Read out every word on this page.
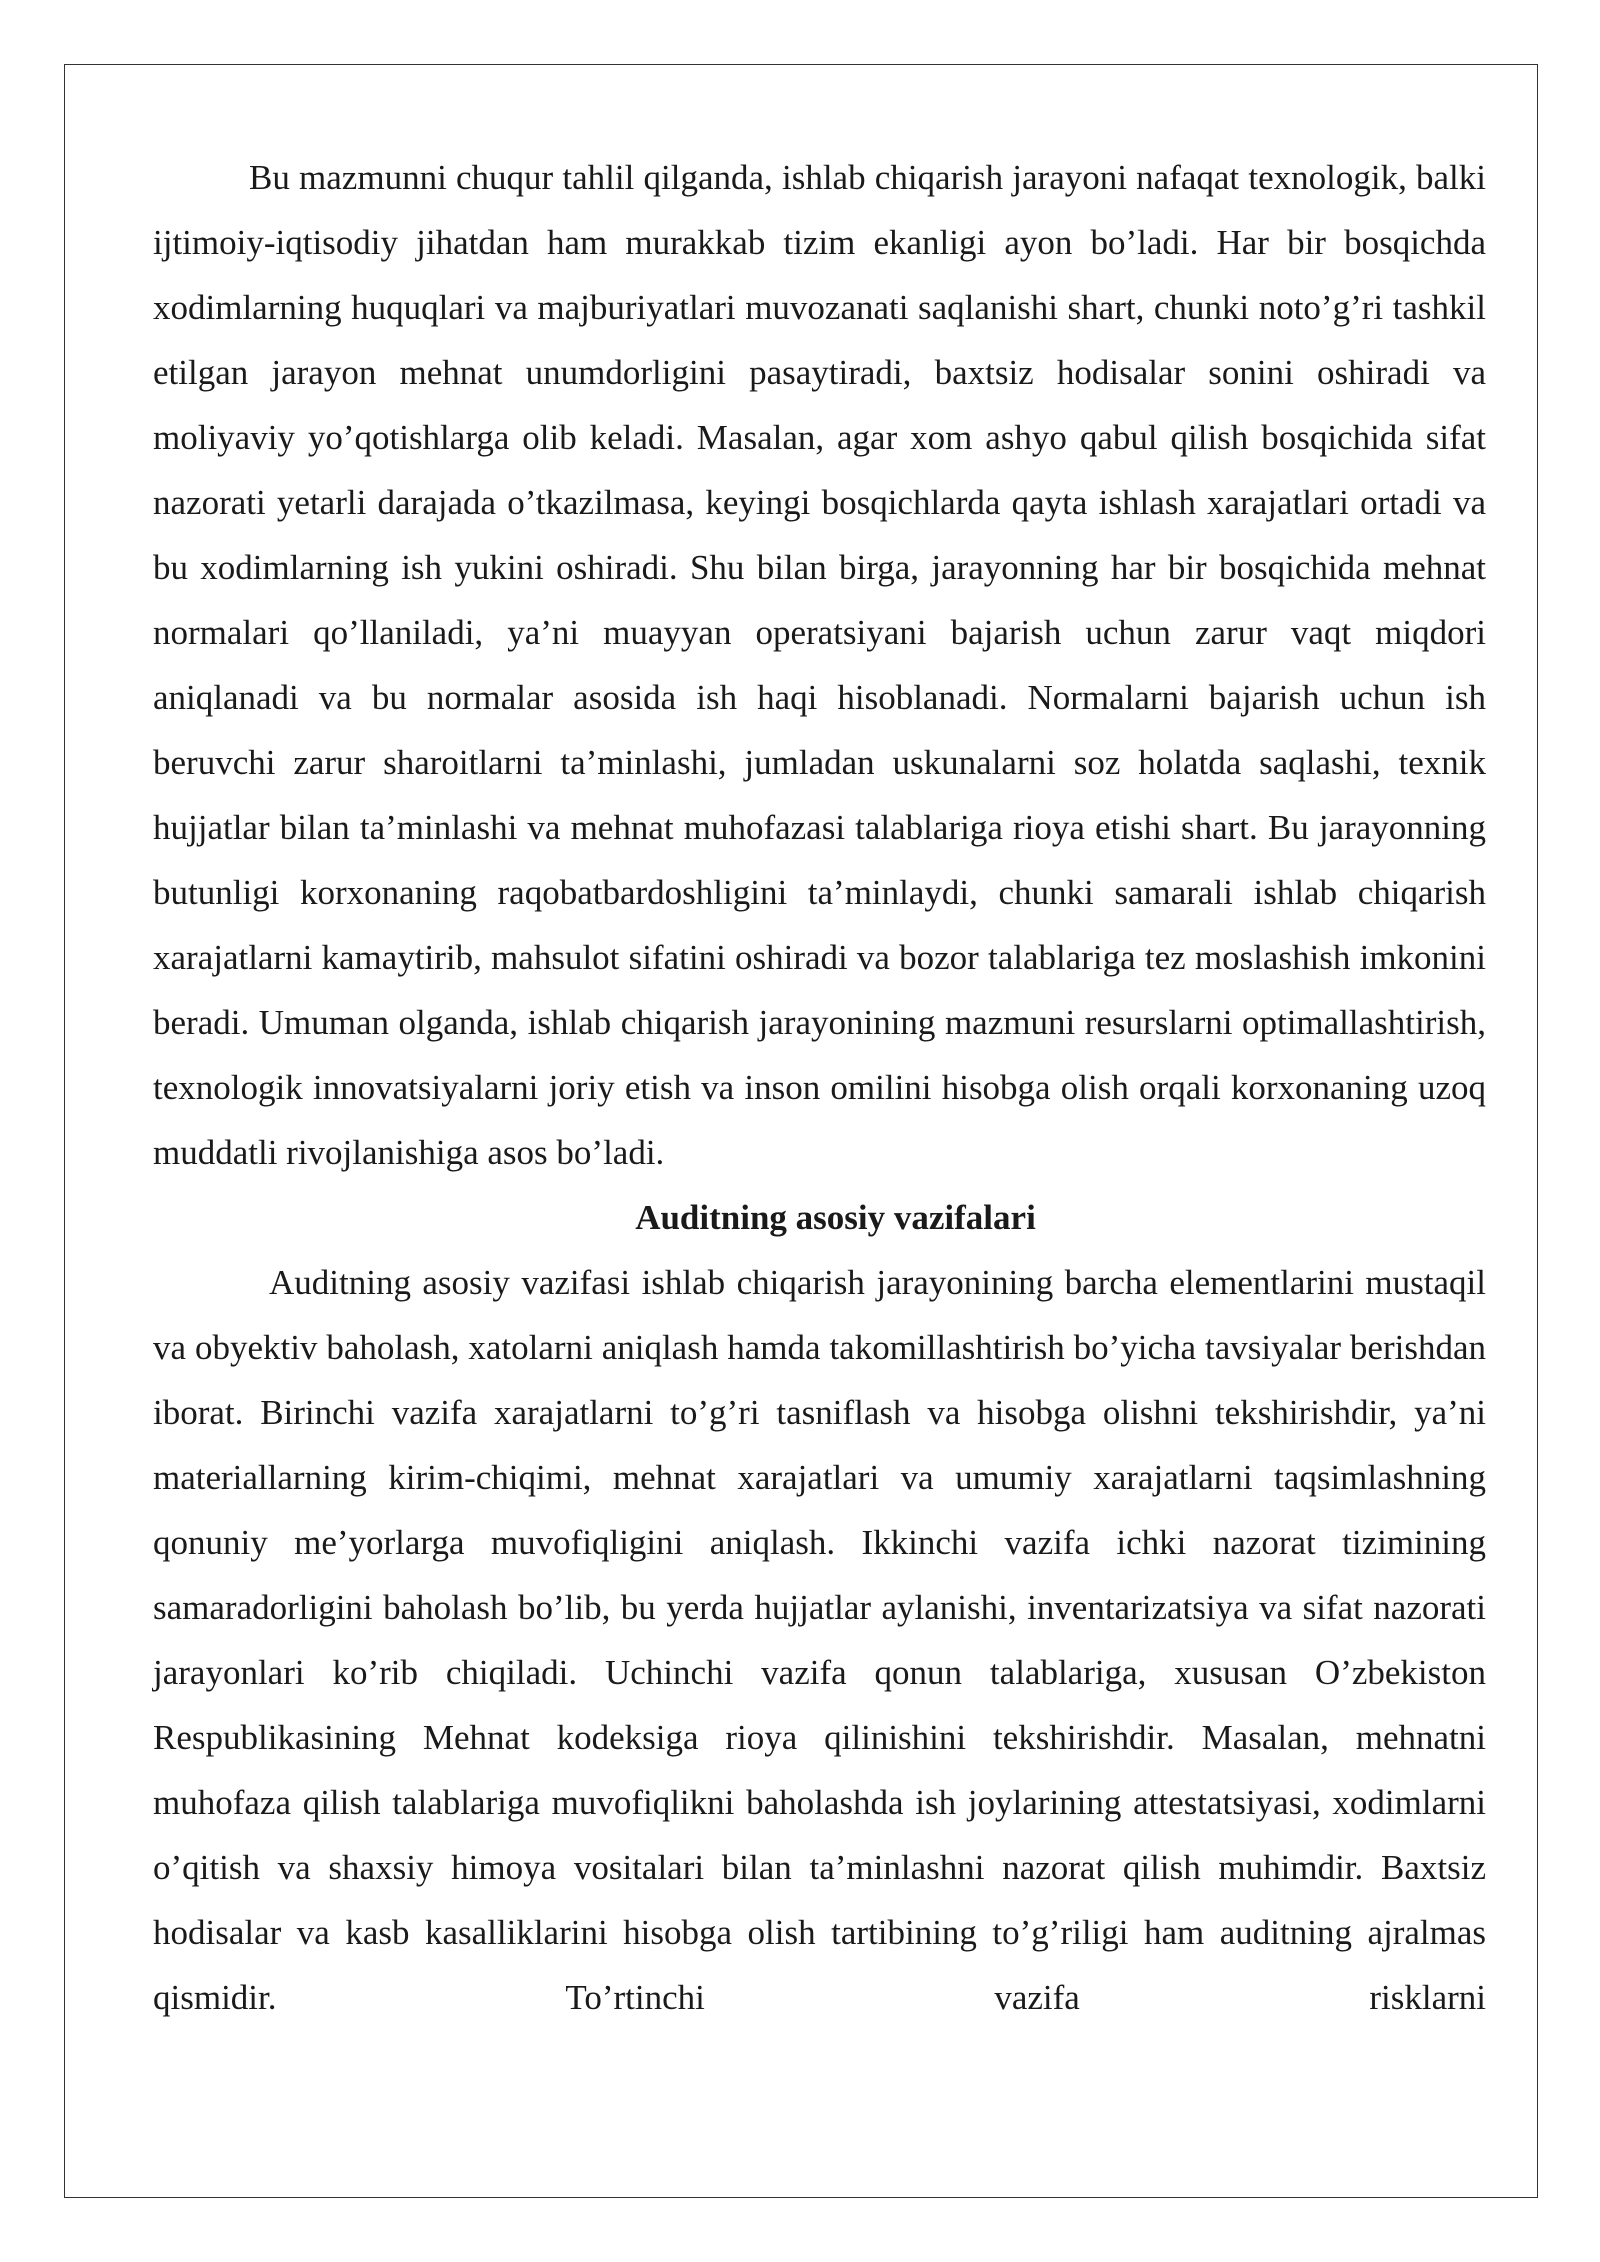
Bu mazmunni chuqur tahlil qilganda, ishlab chiqarish jarayoni nafaqat texnologik, balki ijtimoiy-iqtisodiy jihatdan ham murakkab tizim ekanligi ayon bo’ladi. Har bir bosqichda xodimlarning huquqlari va majburiyatlari muvozanati saqlanishi shart, chunki noto’g’ri tashkil etilgan jarayon mehnat unumdorligini pasaytiradi, baxtsiz hodisalar sonini oshiradi va moliyaviy yo’qotishlarga olib keladi. Masalan, agar xom ashyo qabul qilish bosqichida sifat nazorati yetarli darajada o’tkazilmasa, keyingi bosqichlarda qayta ishlash xarajatlari ortadi va bu xodimlarning ish yukini oshiradi. Shu bilan birga, jarayonning har bir bosqichida mehnat normalari qo’llaniladi, ya’ni muayyan operatsiyani bajarish uchun zarur vaqt miqdori aniqlanadi va bu normalar asosida ish haqi hisoblanadi. Normalarni bajarish uchun ish beruvchi zarur sharoitlarni ta’minlashi, jumladan uskunalarni soz holatda saqlashi, texnik hujjatlar bilan ta’minlashi va mehnat muhofazasi talablariga rioya etishi shart. Bu jarayonning butunligi korxonaning raqobatbardoshligini ta’minlaydi, chunki samarali ishlab chiqarish xarajatlarni kamaytirib, mahsulot sifatini oshiradi va bozor talablariga tez moslashish imkonini beradi. Umuman olganda, ishlab chiqarish jarayonining mazmuni resurslarni optimallashtirish, texnologik innovatsiyalarni joriy etish va inson omilini hisobga olish orqali korxonaning uzoq muddatli rivojlanishiga asos bo’ladi.

Auditning asosiy vazifalari

Auditning asosiy vazifasi ishlab chiqarish jarayonining barcha elementlarini mustaqil va obyektiv baholash, xatolarni aniqlash hamda takomillashtirish bo’yicha tavsiyalar berishdan iborat. Birinchi vazifa xarajatlarni to’g’ri tasniflash va hisobga olishni tekshirishdir, ya’ni materiallarning kirim-chiqimi, mehnat xarajatlari va umumiy xarajatlarni taqsimlashning qonuniy me’yorlarga muvofiqligini aniqlash. Ikkinchi vazifa ichki nazorat tizimining samaradorligini baholash bo’lib, bu yerda hujjatlar aylanishi, inventarizatsiya va sifat nazorati jarayonlari ko’rib chiqiladi. Uchinchi vazifa qonun talablariga, xususan O’zbekiston Respublikasining Mehnat kodeksiga rioya qilinishini tekshirishdir. Masalan, mehnatni muhofaza qilish talablariga muvofiqlikni baholashda ish joylarining attestatsiyasi, xodimlarni o’qitish va shaxsiy himoya vositalari bilan ta’minlashni nazorat qilish muhimdir. Baxtsiz hodisalar va kasb kasalliklarini hisobga olish tartibining to’g’riligi ham auditning ajralmas qismidir. To’rtinchi vazifa risklarni
